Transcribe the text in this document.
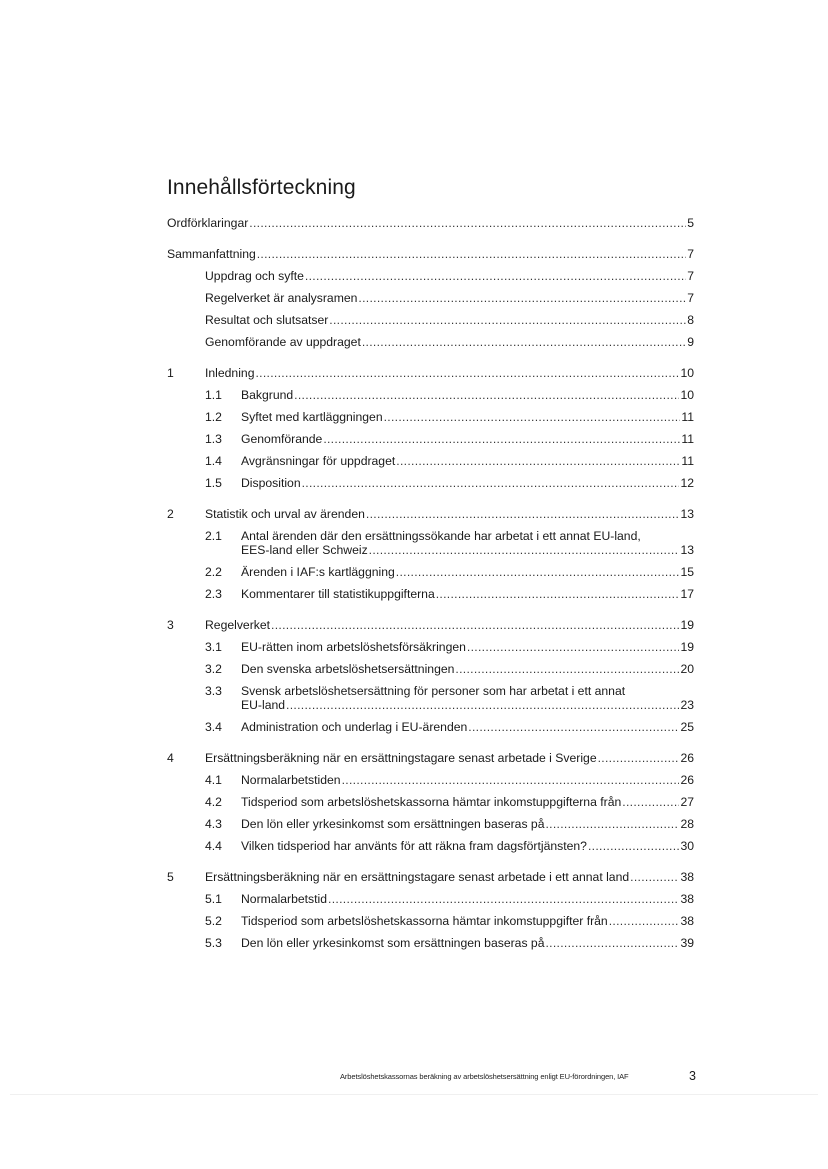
Innehållsförteckning
Ordförklaringar .....	5
Sammanfattning .....	7
Uppdrag och syfte .....	7
Regelverket är analysramen .....	7
Resultat och slutsatser .....	8
Genomförande av uppdraget .....	9
1	Inledning .....	10
1.1	Bakgrund .....	10
1.2	Syftet med kartläggningen .....	11
1.3	Genomförande .....	11
1.4	Avgränsningar för uppdraget .....	11
1.5	Disposition .....	12
2	Statistik och urval av ärenden .....	13
2.1	Antal ärenden där den ersättningssökande har arbetat i ett annat EU-land,
EES-land eller Schweiz .....	13
2.2	Ärenden i IAF:s kartläggning .....	15
2.3	Kommentarer till statistikuppgifterna .....	17
3	Regelverket .....	19
3.1	EU-rätten inom arbetslöshetsförsäkringen .....	19
3.2	Den svenska arbetslöshetsersättningen .....	20
3.3	Svensk arbetslöshetsersättning för personer som har arbetat i ett annat
EU-land .....	23
3.4	Administration och underlag i EU-ärenden .....	25
4	Ersättningsberäkning när en ersättningstagare senast arbetade i Sverige .....	26
4.1	Normalarbetstiden .....	26
4.2	Tidsperiod som arbetslöshetskassorna hämtar inkomstuppgifterna från .....	27
4.3	Den lön eller yrkesinkomst som ersättningen baseras på .....	28
4.4	Vilken tidsperiod har använts för att räkna fram dagsförtjänsten? .....	30
5	Ersättningsberäkning när en ersättningstagare senast arbetade i ett annat land .....	38
5.1	Normalarbetstid .....	38
5.2	Tidsperiod som arbetslöshetskassorna hämtar inkomstuppgifter från .....	38
5.3	Den lön eller yrkesinkomst som ersättningen baseras på .....	39
Arbetslöshetskassornas beräkning av arbetslöshetsersättning enligt EU-förordningen, IAF	3
